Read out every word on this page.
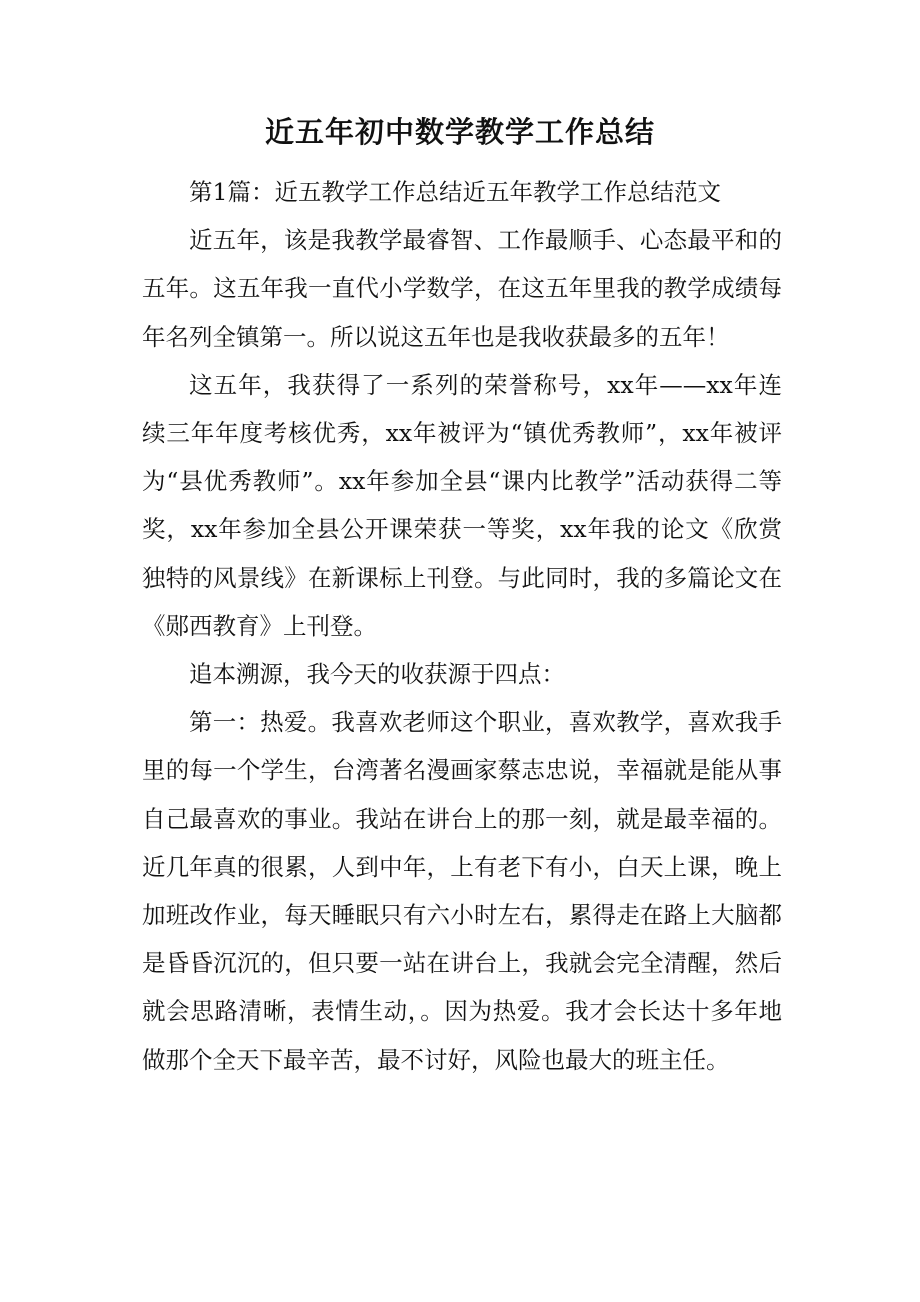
近五年初中数学教学工作总结

第1篇：近五教学工作总结近五年教学工作总结范文

近五年，该是我教学最睿智、工作最顺手、心态最平和的五年。这五年我一直代小学数学，在这五年里我的教学成绩每年名列全镇第一。所以说这五年也是我收获最多的五年！

这五年，我获得了一系列的荣誉称号，xx年——xx年连续三年年度考核优秀，xx年被评为“镇优秀教师”，xx年被评为“县优秀教师”。xx年参加全县“课内比教学”活动获得二等奖，xx年参加全县公开课荣获一等奖，xx年我的论文《欣赏独特的风景线》在新课标上刊登。与此同时，我的多篇论文在《郧西教育》上刊登。

追本溯源，我今天的收获源于四点：

第一：热爱。我喜欢老师这个职业，喜欢教学，喜欢我手里的每一个学生，台湾著名漫画家蔡志忠说，幸福就是能从事自己最喜欢的事业。我站在讲台上的那一刻，就是最幸福的。近几年真的很累，人到中年，上有老下有小，白天上课，晚上加班改作业，每天睡眠只有六小时左右，累得走在路上大脑都是昏昏沉沉的，但只要一站在讲台上，我就会完全清醒，然后就会思路清晰，表情生动，。因为热爱。我才会长达十多年地做那个全天下最辛苦，最不讨好，风险也最大的班主任。
